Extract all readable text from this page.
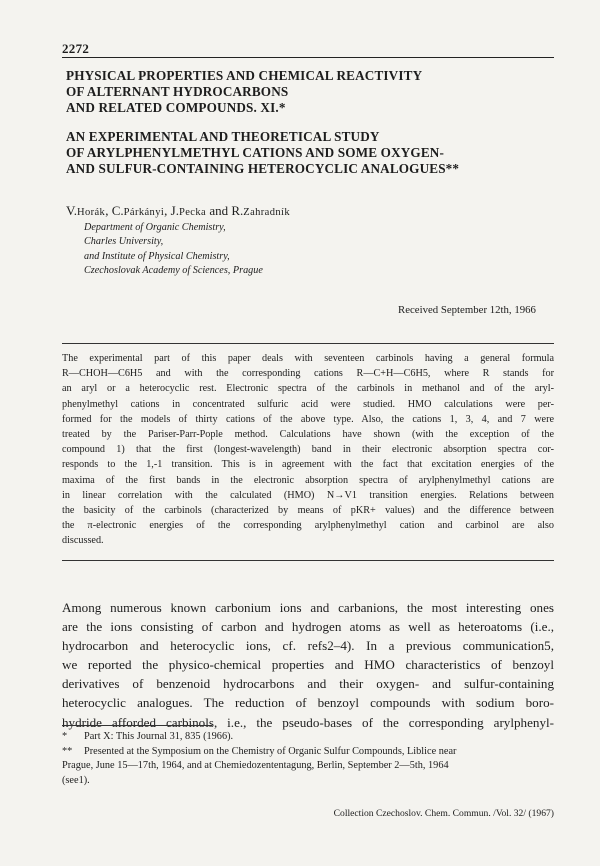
2272
PHYSICAL PROPERTIES AND CHEMICAL REACTIVITY
OF ALTERNANT HYDROCARBONS
AND RELATED COMPOUNDS. XI.*
AN EXPERIMENTAL AND THEORETICAL STUDY
OF ARYLPHENYLMETHYL CATIONS AND SOME OXYGEN-
AND SULFUR-CONTAINING HETEROCYCLIC ANALOGUES**
V.Horák, C.Párkányi, J.Pecka and R.Zahradník
Department of Organic Chemistry,
Charles University,
and Institute of Physical Chemistry,
Czechoslovak Academy of Sciences, Prague
Received September 12th, 1966
The experimental part of this paper deals with seventeen carbinols having a general formula
R—CHOH—C6H5 and with the corresponding cations R—C+H—C6H5, where R stands for
an aryl or a heterocyclic rest. Electronic spectra of the carbinols in methanol and of the aryl-
phenylmethyl cations in concentrated sulfuric acid were studied. HMO calculations were per-
formed for the models of thirty cations of the above type. Also, the cations 1, 3, 4, and 7 were
treated by the Pariser-Parr-Pople method. Calculations have shown (with the exception of the
compound 1) that the first (longest-wavelength) band in their electronic absorption spectra cor-
responds to the 1,-1 transition. This is in agreement with the fact that excitation energies of the
maxima of the first bands in the electronic absorption spectra of arylphenylmethyl cations are
in linear correlation with the calculated (HMO) N→V1 transition energies. Relations between
the basicity of the carbinols (characterized by means of pKR+ values) and the difference between
the π-electronic energies of the corresponding arylphenylmethyl cation and carbinol are also
discussed.
Among numerous known carbonium ions and carbanions, the most interesting ones
are the ions consisting of carbon and hydrogen atoms as well as heteroatoms (i.e.,
hydrocarbon and heterocyclic ions, cf. refs2–4). In a previous communication5,
we reported the physico-chemical properties and HMO characteristics of benzoyl
derivatives of benzenoid hydrocarbons and their oxygen- and sulfur-containing
heterocyclic analogues. The reduction of benzoyl compounds with sodium boro-
hydride afforded carbinols, i.e., the pseudo-bases of the corresponding arylphenyl-
* Part X: This Journal 31, 835 (1966).
** Presented at the Symposium on the Chemistry of Organic Sulfur Compounds, Liblice near
Prague, June 15—17th, 1964, and at Chemiedozententagung, Berlin, September 2—5th, 1964
(see1).
Collection Czechoslov. Chem. Commun. /Vol. 32/ (1967)
